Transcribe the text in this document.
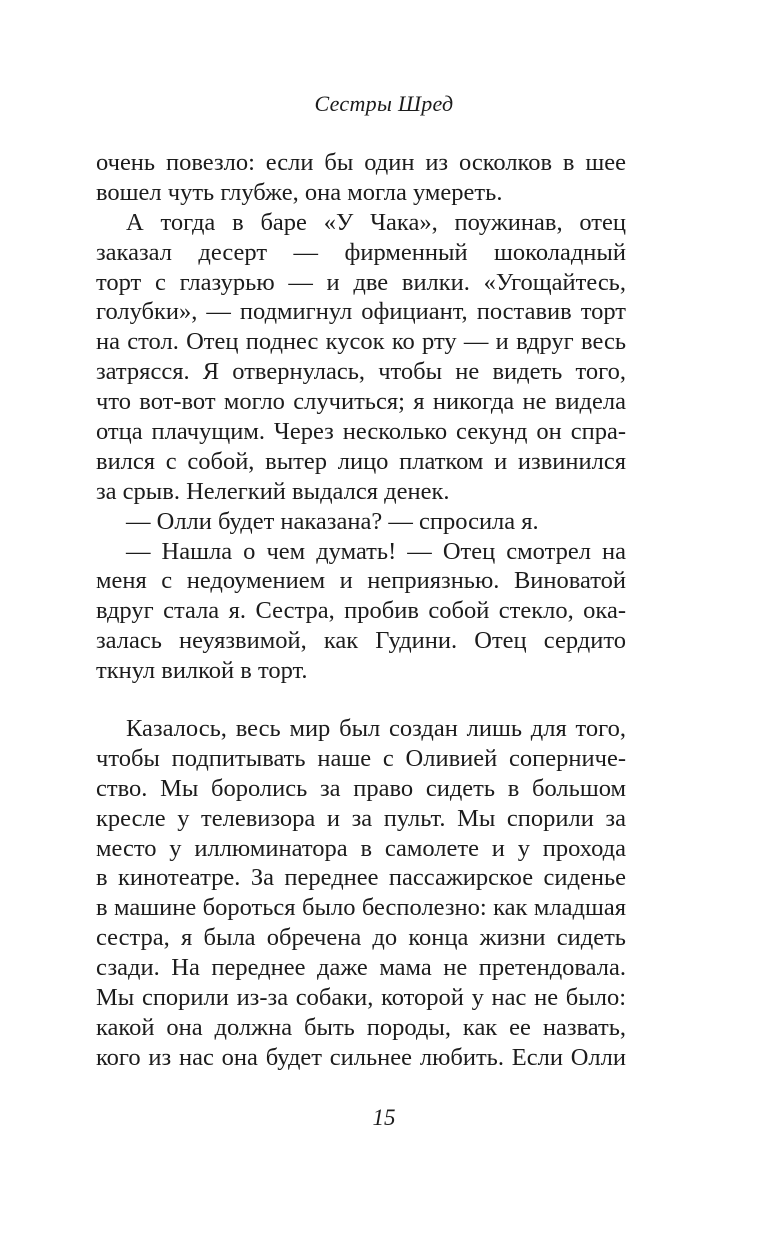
Сестры Шред
очень повезло: если бы один из осколков в шее
вошел чуть глубже, она могла умереть.
А тогда в баре «У Чака», поужинав, отец
заказал десерт — фирменный шоколадный
торт с глазурью — и две вилки. «Угощайтесь,
голубки», — подмигнул официант, поставив торт
на стол. Отец поднес кусок ко рту — и вдруг весь
затрясся. Я отвернулась, чтобы не видеть того,
что вот-вот могло случиться; я никогда не видела
отца плачущим. Через несколько секунд он спра-
вился с собой, вытер лицо платком и извинился
за срыв. Нелегкий выдался денек.
— Олли будет наказана? — спросила я.
— Нашла о чем думать! — Отец смотрел на
меня с недоумением и неприязнью. Виноватой
вдруг стала я. Сестра, пробив собой стекло, ока-
залась неуязвимой, как Гудини. Отец сердито
ткнул вилкой в торт.
Казалось, весь мир был создан лишь для того,
чтобы подпитывать наше с Оливией соперниче-
ство. Мы боролись за право сидеть в большом
кресле у телевизора и за пульт. Мы спорили за
место у иллюминатора в самолете и у прохода
в кинотеатре. За переднее пассажирское сиденье
в машине бороться было бесполезно: как младшая
сестра, я была обречена до конца жизни сидеть
сзади. На переднее даже мама не претендовала.
Мы спорили из-за собаки, которой у нас не было:
какой она должна быть породы, как ее назвать,
кого из нас она будет сильнее любить. Если Олли
15
